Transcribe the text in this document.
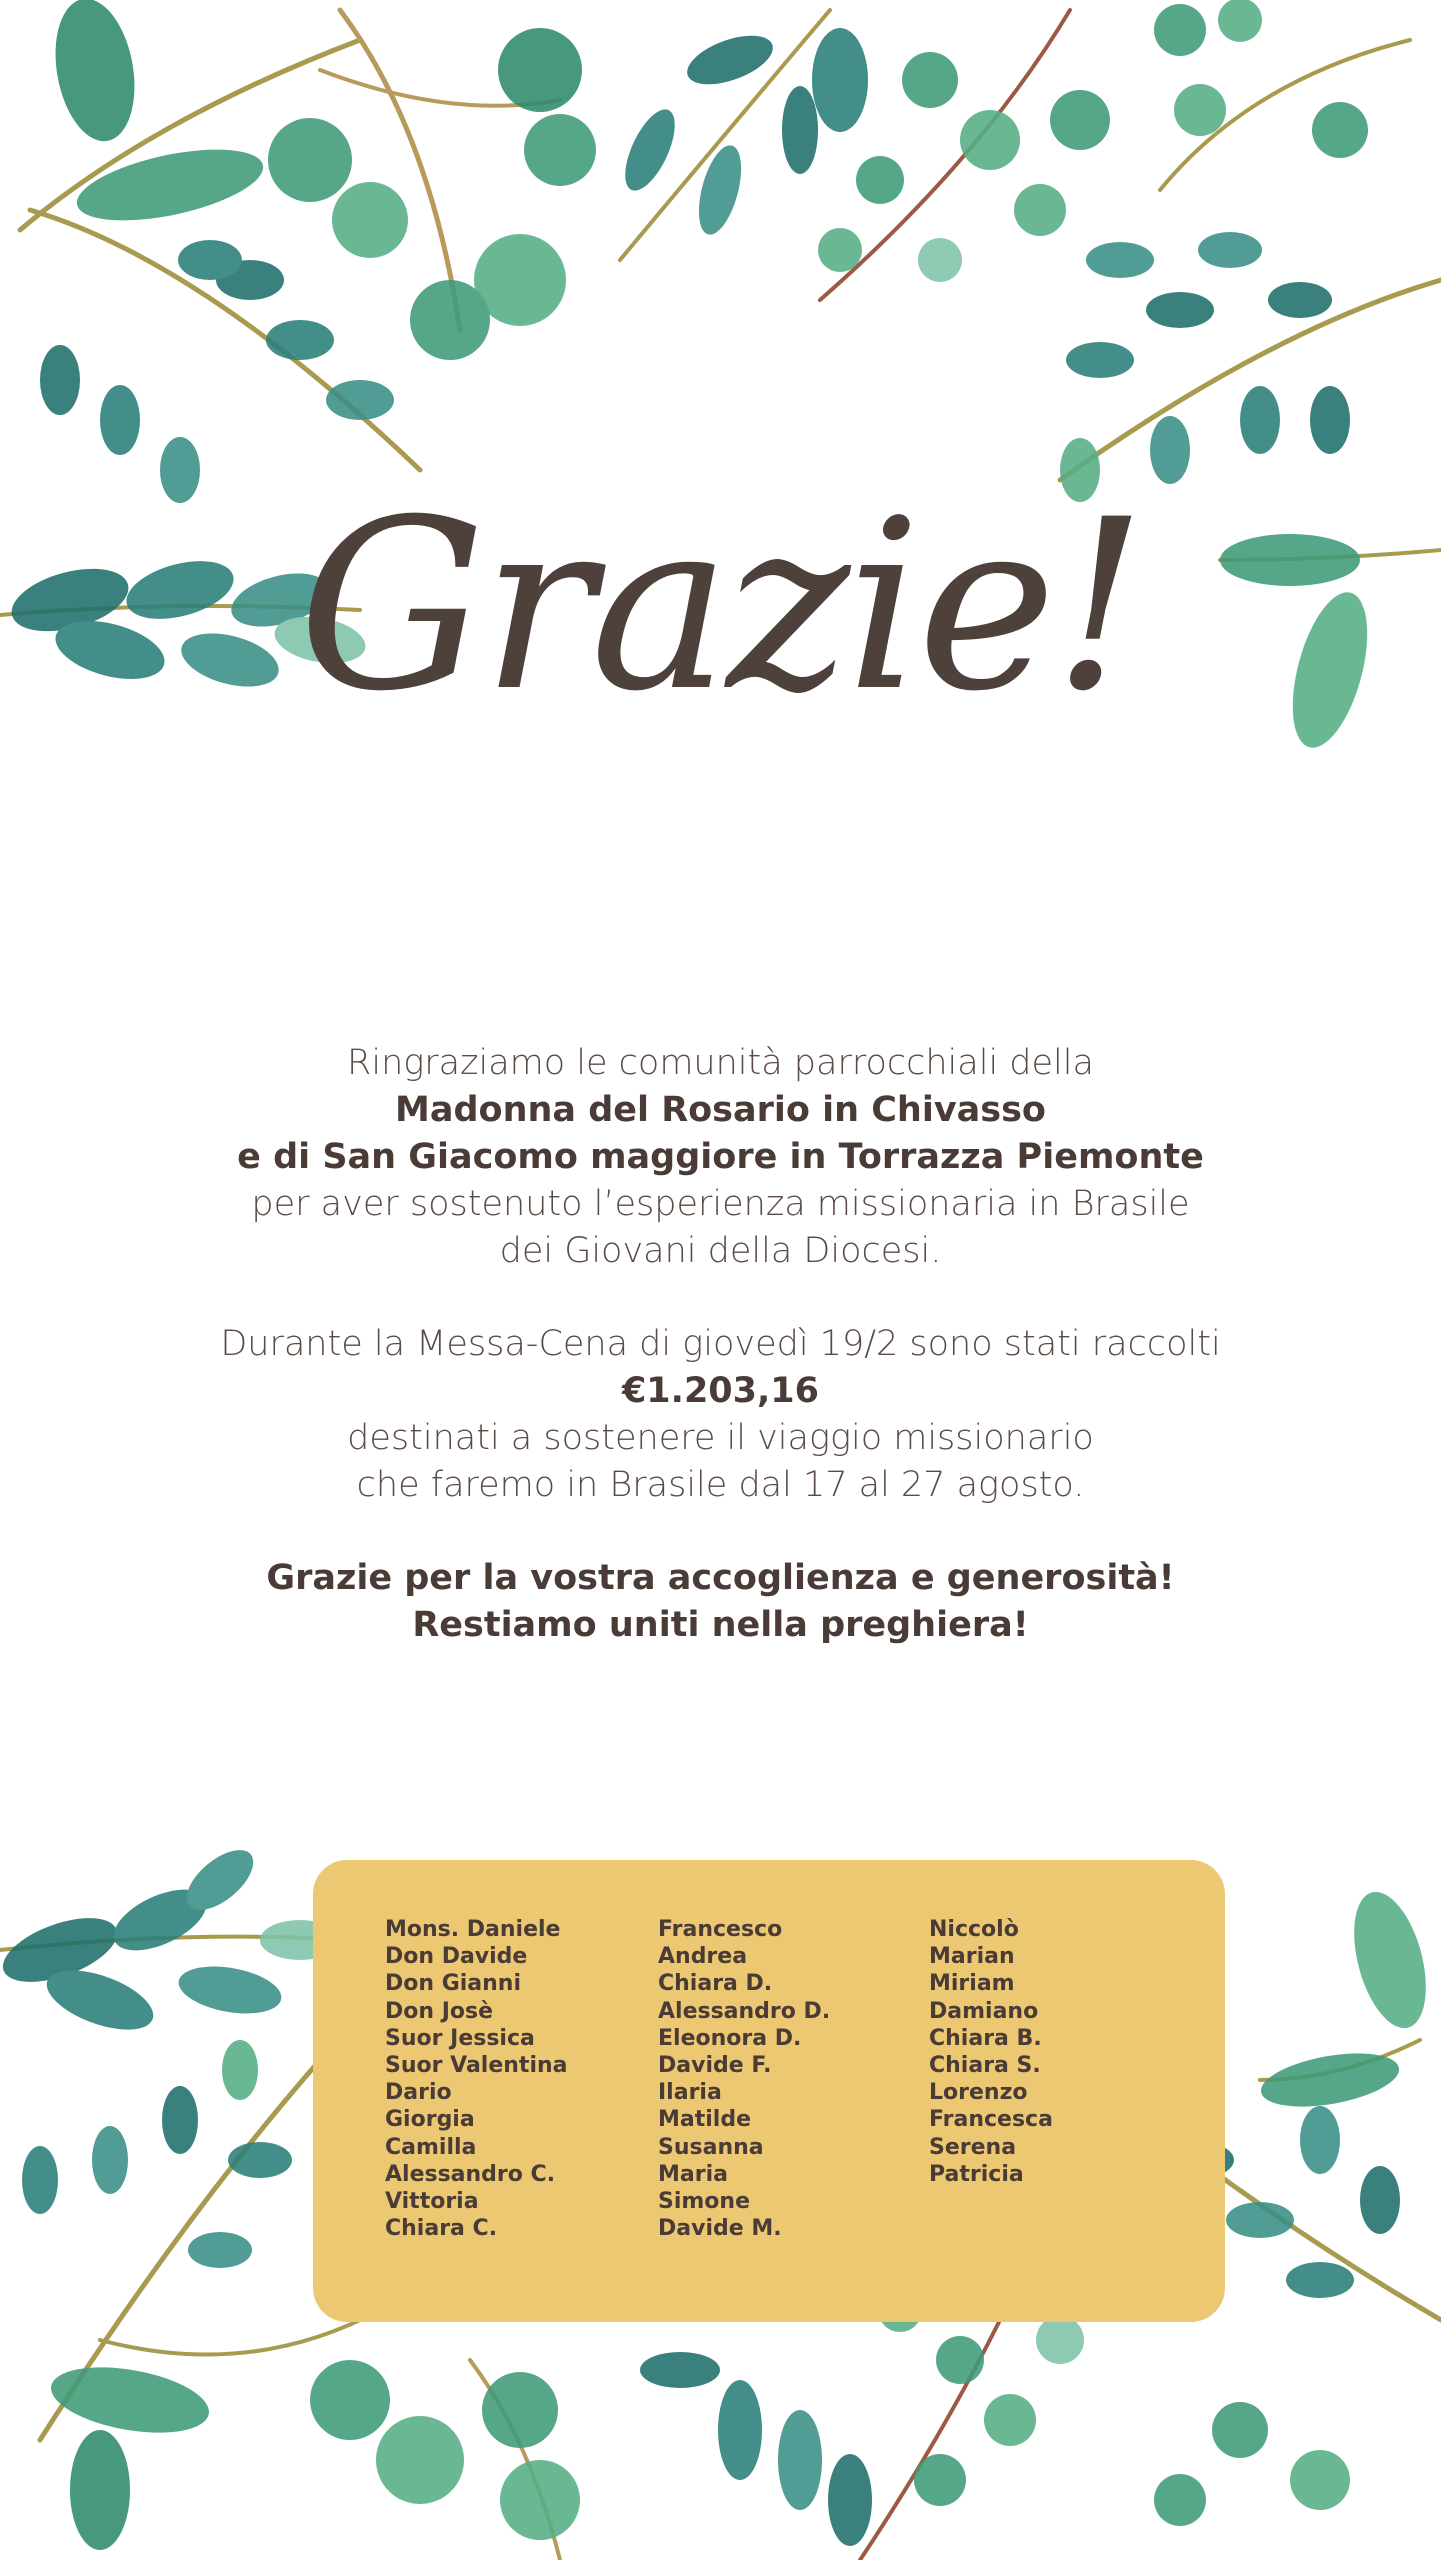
Grazie!

Ringraziamo le comunità parrocchiali della

Madonna del Rosario in Chivasso

e di San Giacomo maggiore in Torrazza Piemonte

per aver sostenuto l’esperienza missionaria in Brasile

dei Giovani della Diocesi.

Durante la Messa-Cena di giovedì 19/2 sono stati raccolti

€1.203,16

destinati a sostenere il viaggio missionario

che faremo in Brasile dal 17 al 27 agosto.

Grazie per la vostra accoglienza e generosità!

Restiamo uniti nella preghiera!

Mons. Daniele
Don Davide
Don Gianni
Don Josè
Suor Jessica
Suor Valentina
Dario
Giorgia
Camilla
Alessandro C.
Vittoria
Chiara C.
Francesco
Andrea
Chiara D.
Alessandro D.
Eleonora D.
Davide F.
Ilaria
Matilde
Susanna
Maria
Simone
Davide M.
Niccolò
Marian
Miriam
Damiano
Chiara B.
Chiara S.
Lorenzo
Francesca
Serena
Patricia
